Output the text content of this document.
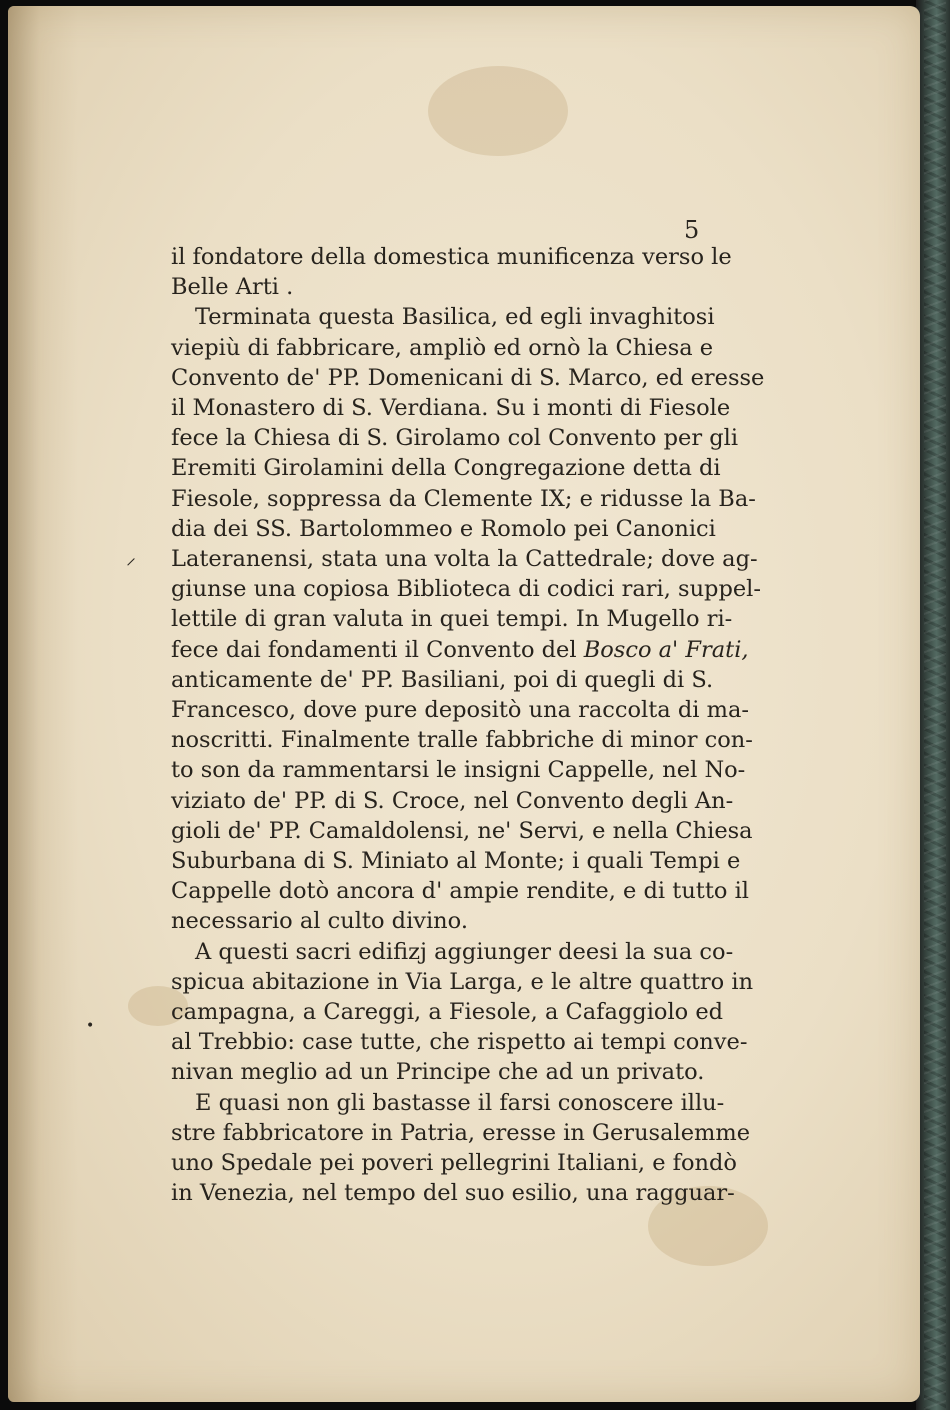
5
il fondatore della domestica munificenza verso le
Belle Arti .
Terminata questa Basilica, ed egli invaghitosi
viepiù di fabbricare, ampliò ed ornò la Chiesa e
Convento de' PP. Domenicani di S. Marco, ed eresse
il Monastero di S. Verdiana. Su i monti di Fiesole
fece la Chiesa di S. Girolamo col Convento per gli
Eremiti Girolamini della Congregazione detta di
Fiesole, soppressa da Clemente IX; e ridusse la Ba-
dia dei SS. Bartolommeo e Romolo pei Canonici
Lateranensi, stata una volta la Cattedrale; dove ag-
giunse una copiosa Biblioteca di codici rari, suppel-
lettile di gran valuta in quei tempi. In Mugello ri-
fece dai fondamenti il Convento del Bosco a' Frati,
anticamente de' PP. Basiliani, poi di quegli di S.
Francesco, dove pure depositò una raccolta di ma-
noscritti. Finalmente tralle fabbriche di minor con-
to son da rammentarsi le insigni Cappelle, nel No-
viziato de' PP. di S. Croce, nel Convento degli An-
gioli de' PP. Camaldolensi, ne' Servi, e nella Chiesa
Suburbana di S. Miniato al Monte; i quali Tempi e
Cappelle dotò ancora d' ampie rendite, e di tutto il
necessario al culto divino.
A questi sacri edifizj aggiunger deesi la sua co-
spicua abitazione in Via Larga, e le altre quattro in
campagna, a Careggi, a Fiesole, a Cafaggiolo ed
al Trebbio: case tutte, che rispetto ai tempi conve-
nivan meglio ad un Principe che ad un privato.
E quasi non gli bastasse il farsi conoscere illu-
stre fabbricatore in Patria, eresse in Gerusalemme
uno Spedale pei poveri pellegrini Italiani, e fondò
in Venezia, nel tempo del suo esilio, una ragguar-
⸝
•
